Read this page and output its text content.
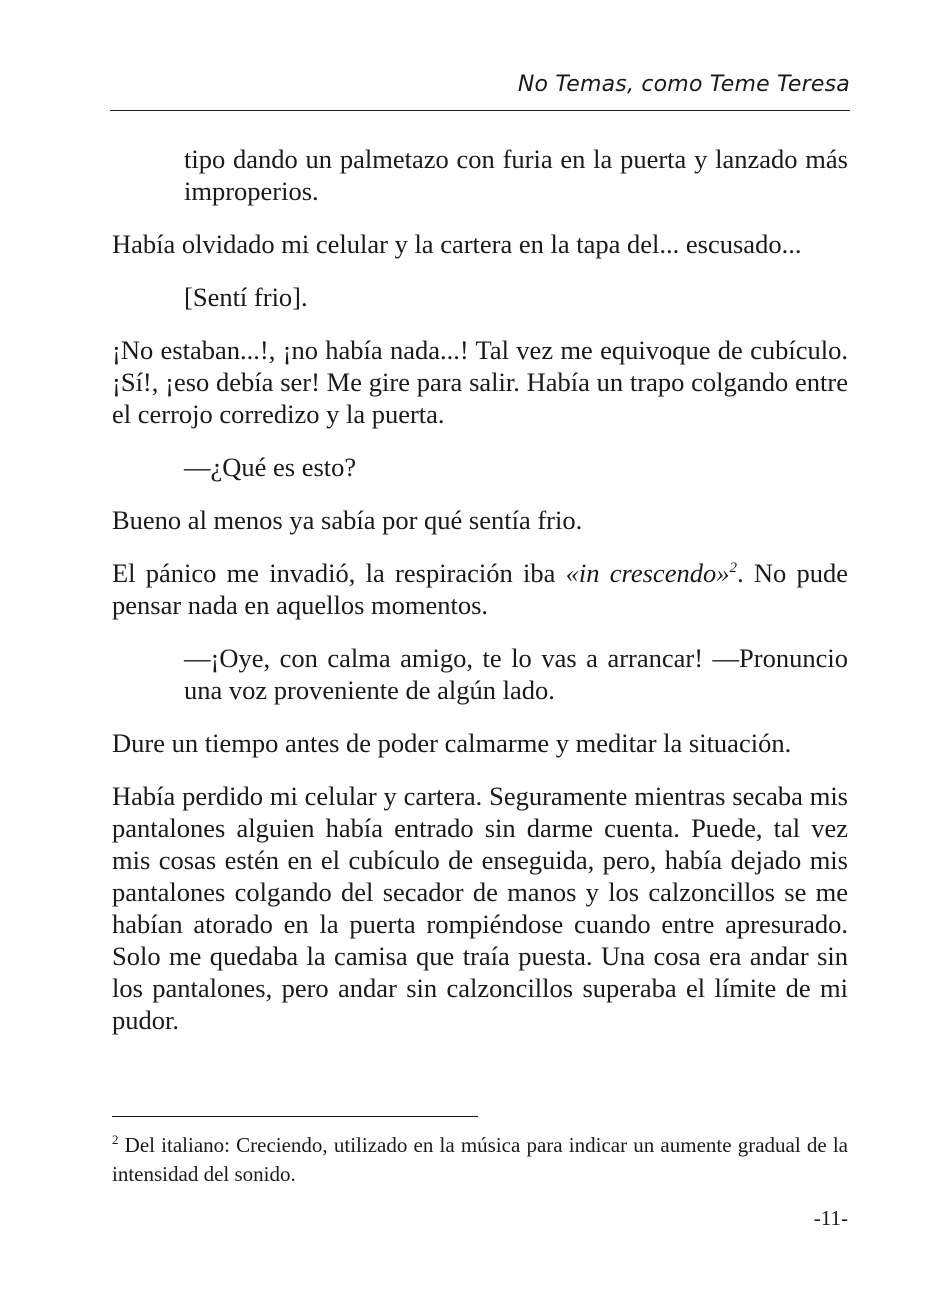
No Temas, como Teme Teresa

tipo dando un palmetazo con furia en la puerta y lanzado más improperios.

Había olvidado mi celular y la cartera en la tapa del... escusado...

[Sentí frio].

¡No estaban...!, ¡no había nada...! Tal vez me equivoque de cubículo. ¡Sí!, ¡eso debía ser! Me gire para salir. Había un trapo colgando entre el cerrojo corredizo y la puerta.

—¿Qué es esto?

Bueno al menos ya sabía por qué sentía frio.

El pánico me invadió, la respiración iba «in crescendo»$^2$. No pude pensar nada en aquellos momentos.

—¡Oye, con calma amigo, te lo vas a arrancar! —Pronuncio una voz proveniente de algún lado.

Dure un tiempo antes de poder calmarme y meditar la situación.

Había perdido mi celular y cartera. Seguramente mientras secaba mis pantalones alguien había entrado sin darme cuenta. Puede, tal vez mis cosas estén en el cubículo de enseguida, pero, había dejado mis pantalones colgando del secador de manos y los calzoncillos se me habían atorado en la puerta rompiéndose cuando entre apresurado. Solo me quedaba la camisa que traía puesta. Una cosa era andar sin los pantalones, pero andar sin calzoncillos superaba el límite de mi pudor.

$^2$ Del italiano: Creciendo, utilizado en la música para indicar un aumente gradual de la intensidad del sonido.
-11-
